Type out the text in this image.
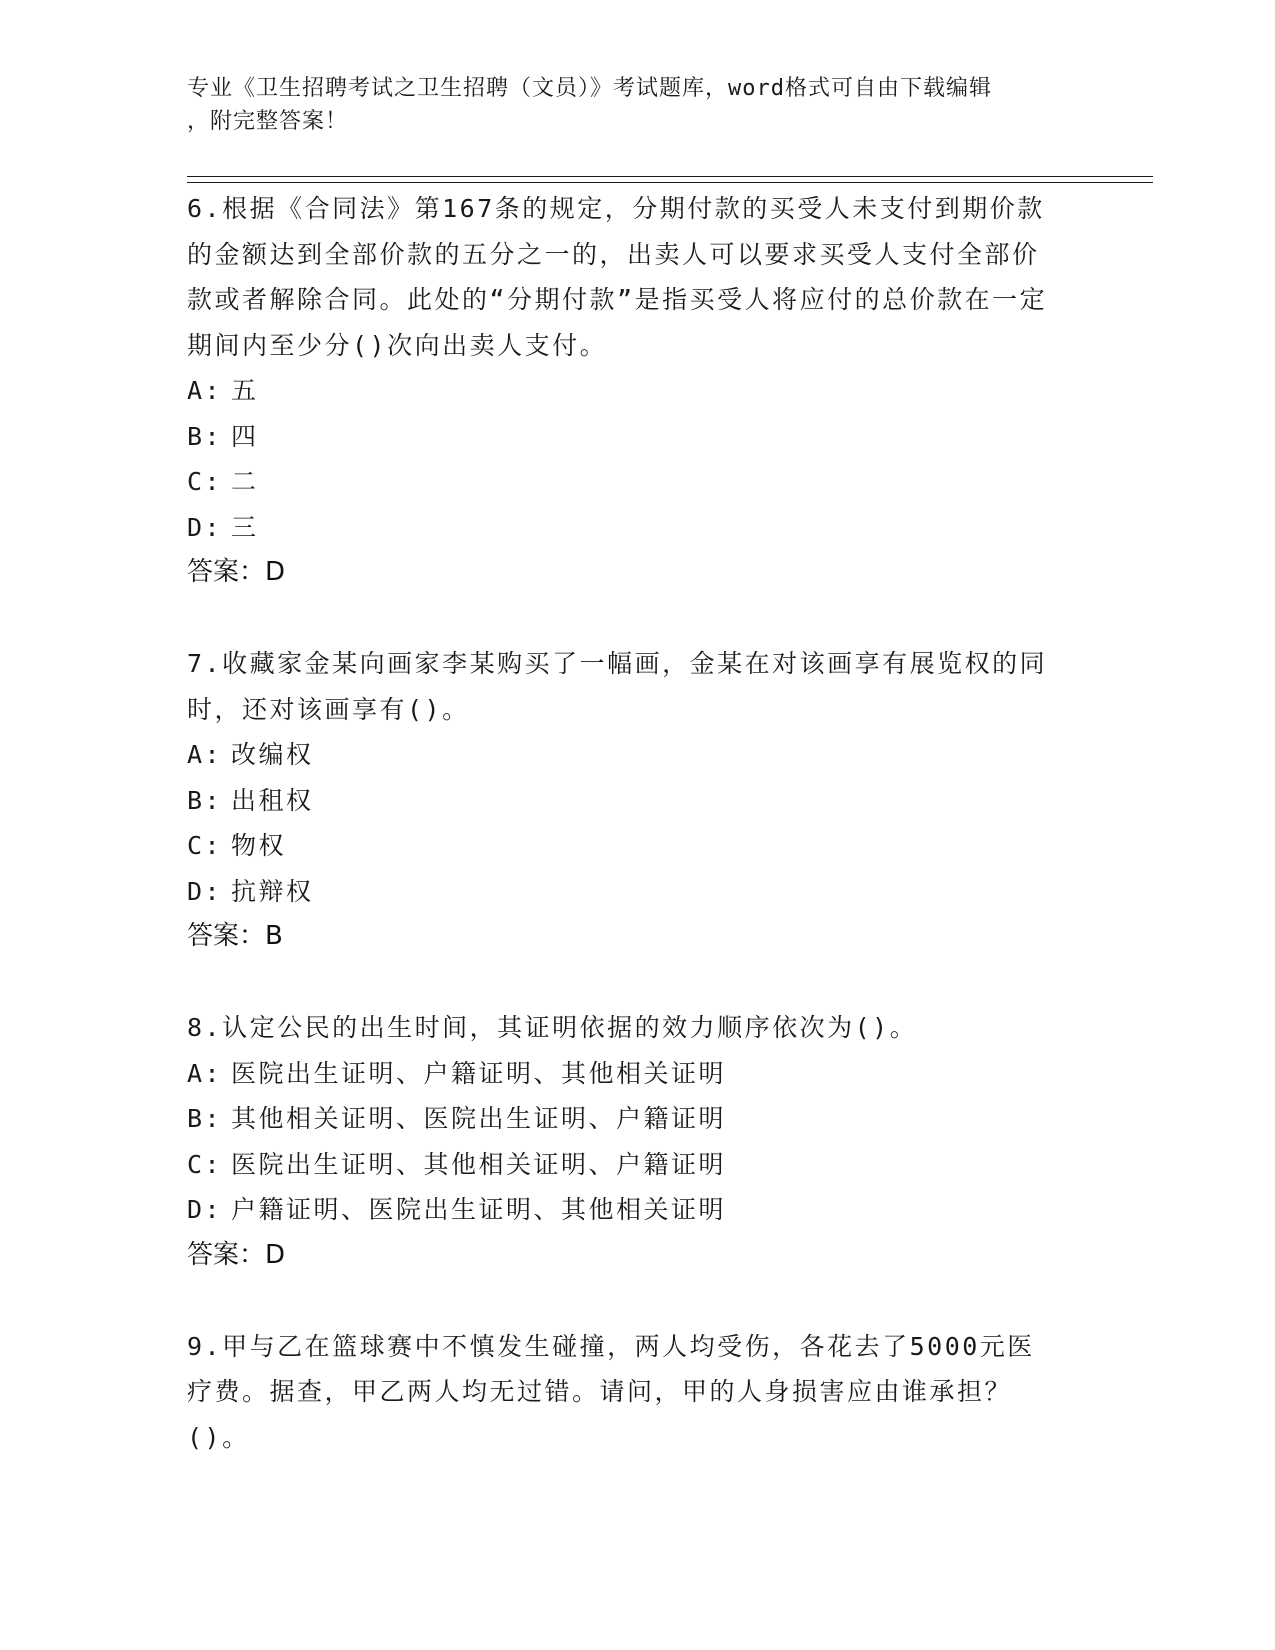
专业《卫生招聘考试之卫生招聘（文员）》考试题库，word格式可自由下载编辑
，附完整答案！

6.根据《合同法》第167条的规定，分期付款的买受人未支付到期价款的金额达到全部价款的五分之一的，出卖人可以要求买受人支付全部价款或者解除合同。此处的“分期付款”是指买受人将应付的总价款在一定期间内至少分()次向出卖人支付。

A: 五

B: 四

C: 二

D: 三

答案：D

7.收藏家金某向画家李某购买了一幅画，金某在对该画享有展览权的同时，还对该画享有()。

A: 改编权

B: 出租权

C: 物权

D: 抗辩权

答案：B

8.认定公民的出生时间，其证明依据的效力顺序依次为()。

A: 医院出生证明、户籍证明、其他相关证明

B: 其他相关证明、医院出生证明、户籍证明

C: 医院出生证明、其他相关证明、户籍证明

D: 户籍证明、医院出生证明、其他相关证明

答案：D

9.甲与乙在篮球赛中不慎发生碰撞，两人均受伤，各花去了5000元医疗费。据查，甲乙两人均无过错。请问，甲的人身损害应由谁承担？()。
